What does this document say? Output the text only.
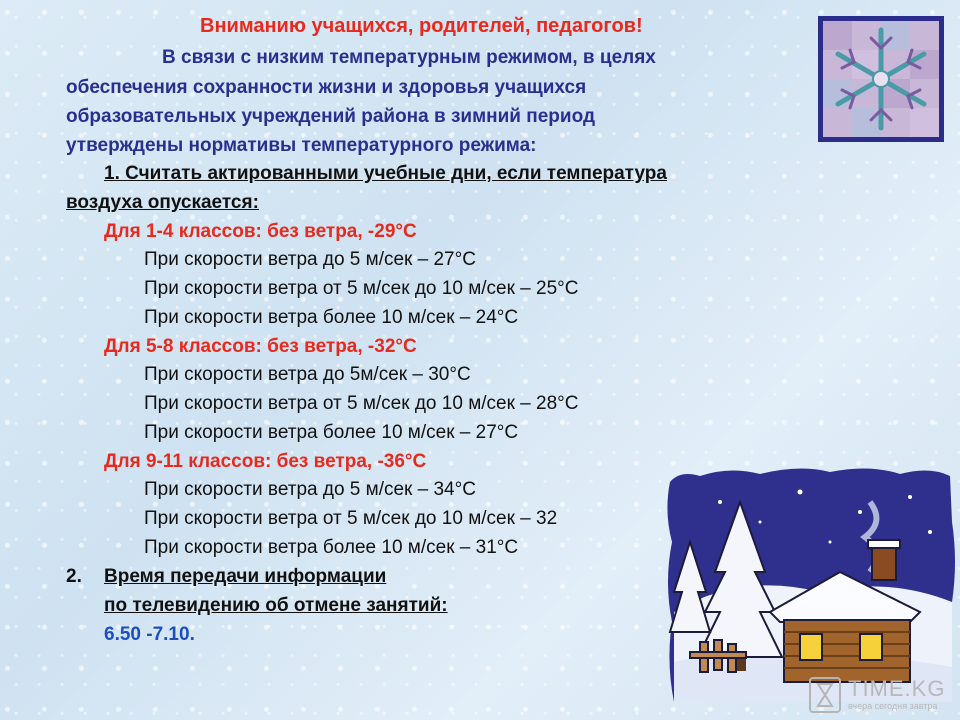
Вниманию учащихся, родителей, педагогов!
В связи с низким температурным режимом, в целях
обеспечения сохранности жизни и здоровья учащихся
образовательных учреждений района в зимний период
утверждены нормативы температурного режима:
1. Считать актированными учебные дни, если температура
воздуха опускается:
Для 1-4 классов: без ветра, -29°С
При скорости ветра до 5 м/сек – 27°С
При скорости ветра от 5 м/сек до 10 м/сек – 25°С
При скорости ветра более 10 м/сек – 24°С
Для 5-8 классов: без ветра, -32°С
При скорости ветра до 5м/сек – 30°С
При скорости ветра от 5 м/сек до 10 м/сек – 28°С
При скорости ветра более 10 м/сек – 27°С
Для 9-11 классов: без ветра, -36°С
При скорости ветра до 5 м/сек – 34°С
При скорости ветра от 5 м/сек до 10 м/сек – 32
При скорости ветра более 10 м/сек – 31°С
2. Время передачи информации
по телевидению об отмене занятий:
6.50 -7.10.
TIME.KG
вчера сегодня завтра
